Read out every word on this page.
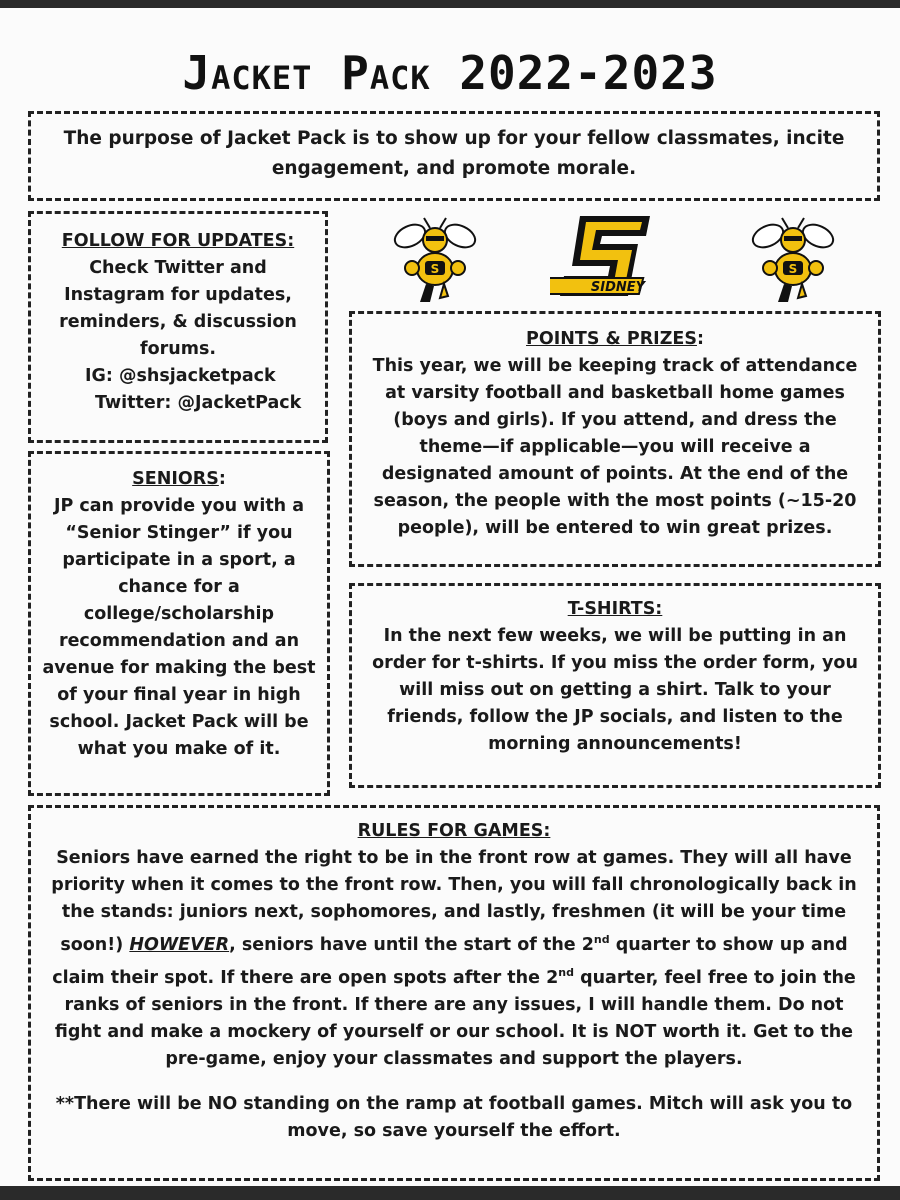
Jacket Pack 2022-2023
The purpose of Jacket Pack is to show up for your fellow classmates, incite engagement, and promote morale.
FOLLOW FOR UPDATES:
Check Twitter and Instagram for updates, reminders, & discussion forums.
IG: @shsjacketpack
Twitter: @JacketPack
SENIORS:
JP can provide you with a “Senior Stinger” if you participate in a sport, a chance for a college/scholarship recommendation and an avenue for making the best of your final year in high school. Jacket Pack will be what you make of it.
S
SIDNEY
S
POINTS & PRIZES:
This year, we will be keeping track of attendance at varsity football and basketball home games (boys and girls). If you attend, and dress the theme—if applicable—you will receive a designated amount of points. At the end of the season, the people with the most points (~15-20 people), will be entered to win great prizes.
T-SHIRTS:
In the next few weeks, we will be putting in an order for t-shirts. If you miss the order form, you will miss out on getting a shirt. Talk to your friends, follow the JP socials, and listen to the morning announcements!
RULES FOR GAMES:

Seniors have earned the right to be in the front row at games. They will all have priority when it comes to the front row. Then, you will fall chronologically back in the stands: juniors next, sophomores, and lastly, freshmen (it will be your time soon!) HOWEVER, seniors have until the start of the 2nd quarter to show up and claim their spot. If there are open spots after the 2nd quarter, feel free to join the ranks of seniors in the front. If there are any issues, I will handle them. Do not fight and make a mockery of yourself or our school. It is NOT worth it. Get to the pre-game, enjoy your classmates and support the players.

**There will be NO standing on the ramp at football games. Mitch will ask you to move, so save yourself the effort.
